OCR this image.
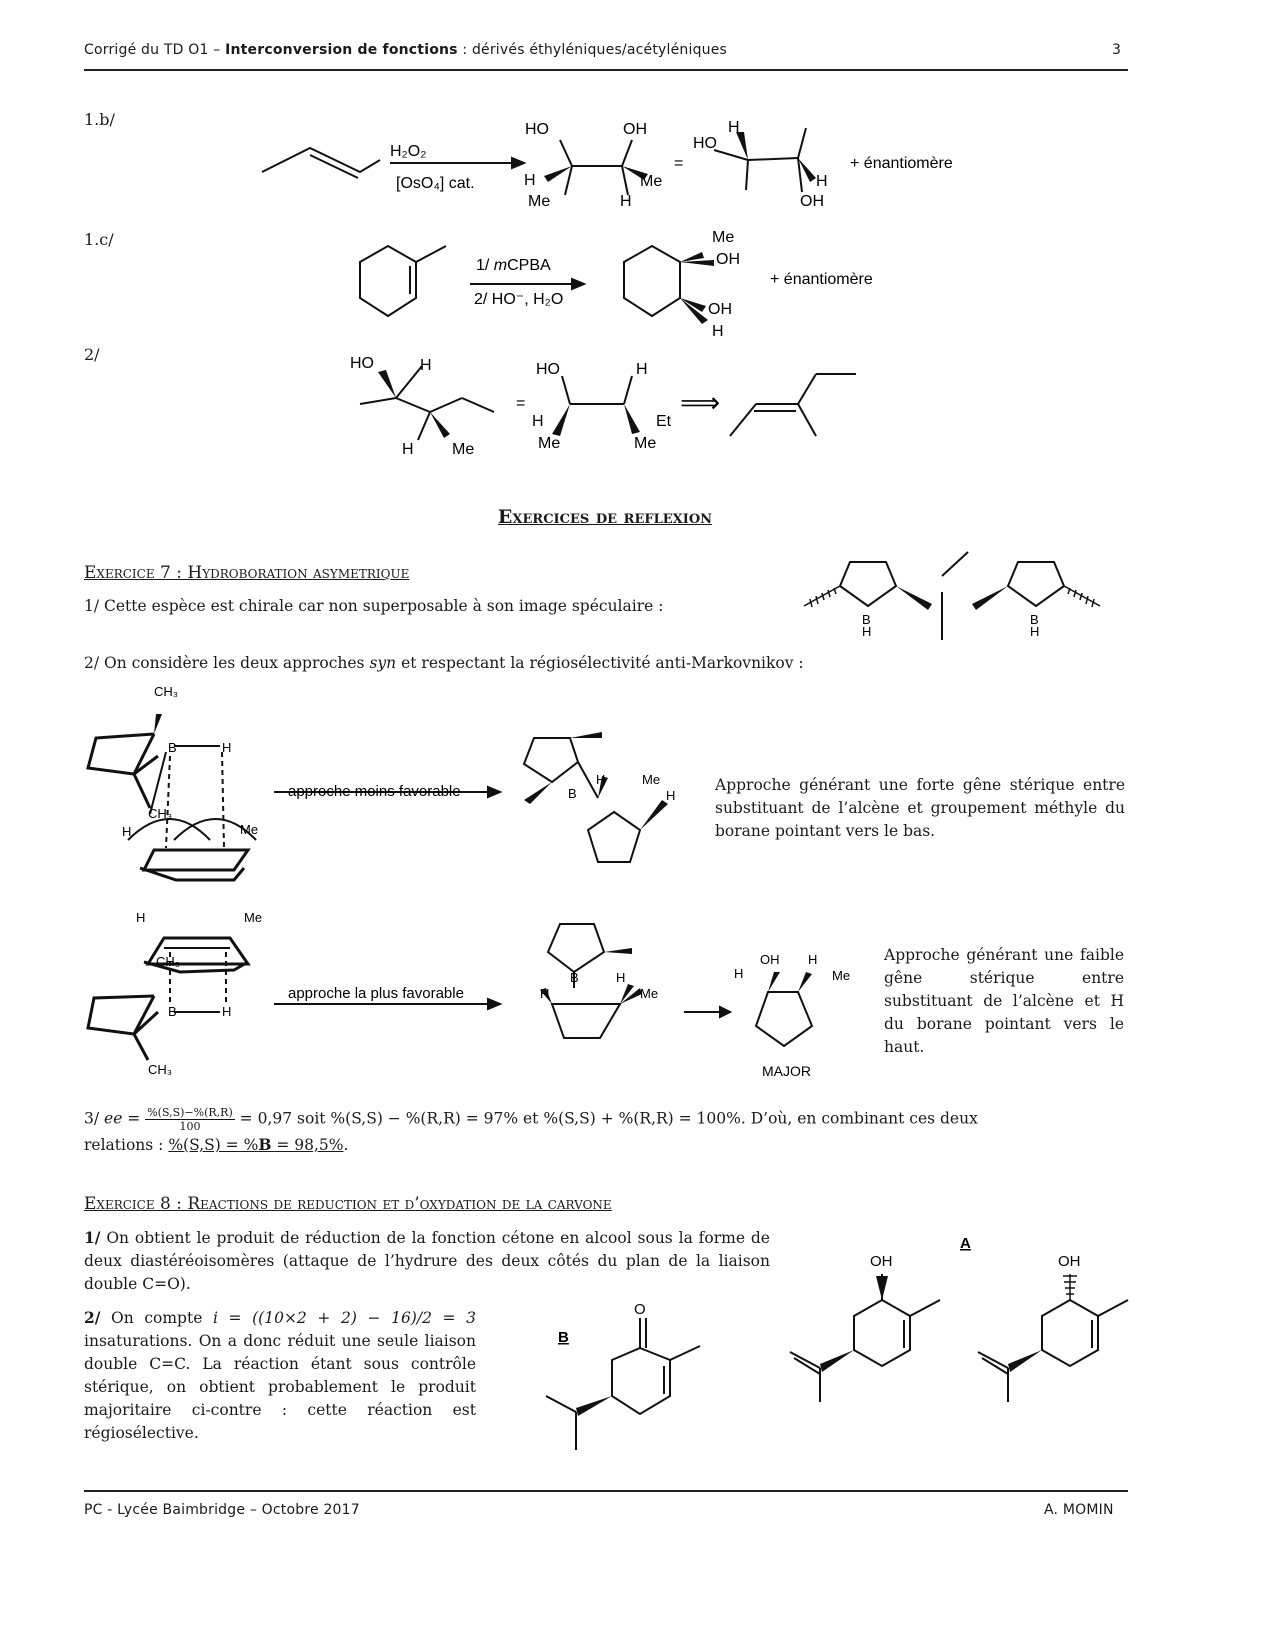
Corrigé du TD O1 – Interconversion de fonctions : dérivés éthyléniques/acétyléniques	3
1.b/
H₂O₂
[OsO₄] cat.
HO	OH
H	Me
Me	H
=
HO
H
H
OH
+ énantiomère
1.c/
1/ mCPBA
2/ HO⁻, H₂O
Me
OH
OH
H
+ énantiomère
2/	HO	H
H Me
=
HO	H
H	Et
Me	Me
⟹
Exercices de reflexion
Exercice 7 : Hydroboration asymetrique
1/ Cette espèce est chirale car non superposable à son image spéculaire :
B
H
B
H
2/ On considère les deux approches syn et respectant la régiosélectivité anti-Markovnikov :
CH₃
B	H
CH₃
H	Me
approche moins favorable	B
H	Me
H
Approche générant une forte gêne stérique entre substituant de l’alcène et groupement méthyle du borane pointant vers le bas.
H	Me
CH₃
B	H
CH₃
approche la plus favorable
B
H
H
Me
OH
H
H
Me
MAJOR
Approche générant une faible gêne stérique entre substituant de l’alcène et H du borane pointant vers le haut.
3/ ee = $\frac{\%(S,S)-\%(R,R)}{100} = 0,97$ soit %(S,S) − %(R,R) = 97% et %(S,S) + %(R,R) = 100%. D’où, en combinant ces deux
relations : %(S,S) = %B = 98,5%.
Exercice 8 : Reactions de reduction et d’oxydation de la carvone
1/ On obtient le produit de réduction de la fonction cétone en alcool sous la forme de deux diastéréoisomères (attaque de l’hydrure des deux côtés du plan de la liaison double C=O).
2/ On compte i = ((10×2 + 2) − 16)/2 = 3 insaturations. On a donc réduit une seule liaison double C=C. La réaction étant sous contrôle stérique, on obtient probablement le produit majoritaire ci-contre : cette réaction est régiosélective.
O
B
OH
A
OH
PC - Lycée Baimbridge – Octobre 2017	A. MOMIN
